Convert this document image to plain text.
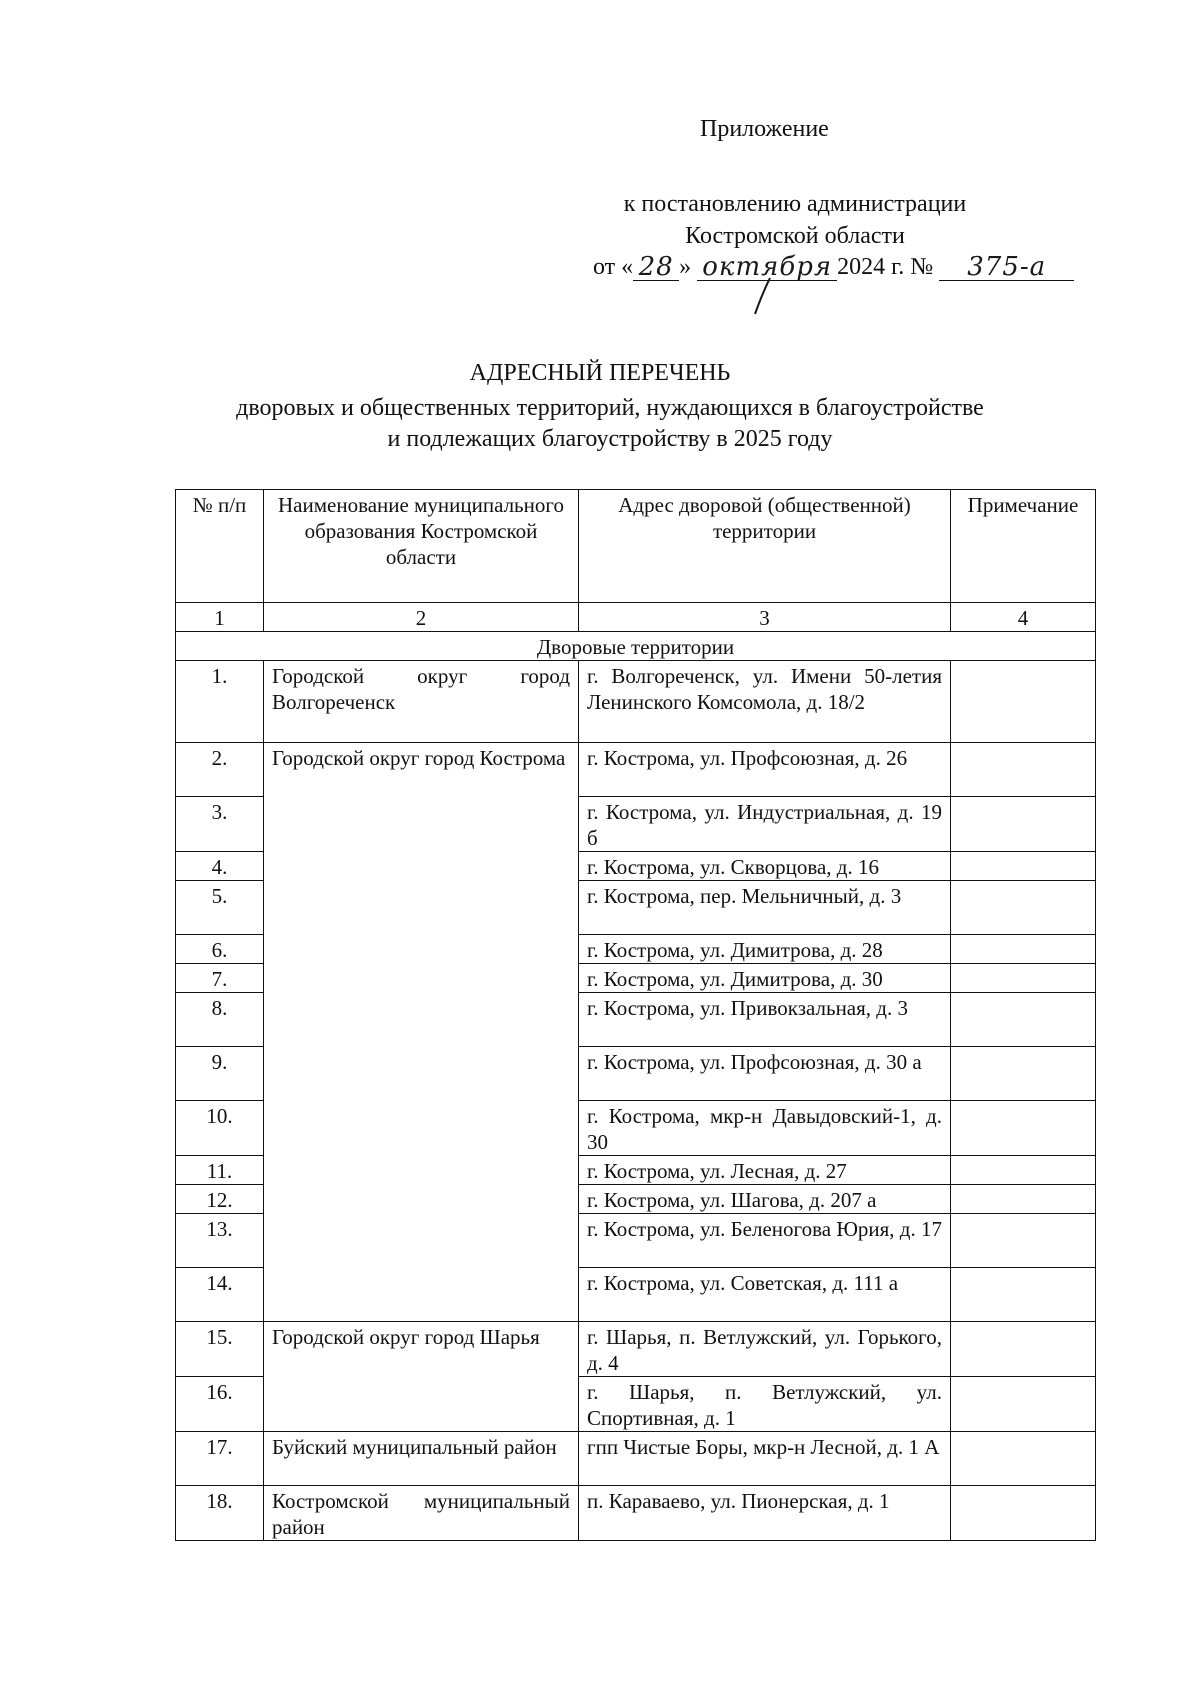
Приложение
к постановлению администрации
Костромской области
от « 28 » октября 2024 г. №	375-а
АДРЕСНЫЙ ПЕРЕЧЕНЬ
дворовых и общественных территорий, нуждающихся в благоустройстве
и подлежащих благоустройству в 2025 году
№ п/п	Наименование муниципального образования Костромской области	Адрес дворовой (общественной) территории	Примечание
1	2	3	4
Дворовые территории			
1.	Городской округ город Волгореченск	г. Волгореченск, ул. Имени 50-летия Ленинского Комсомола, д. 18/2	
2.	Городской округ город Кострома	г. Кострома, ул. Профсоюзная, д. 26	
3.		г. Кострома, ул. Индустриальная, д. 19 б	
4.		г. Кострома, ул. Скворцова, д. 16	
5.		г. Кострома, пер. Мельничный, д. 3	
6.		г. Кострома, ул. Димитрова, д. 28	
7.		г. Кострома, ул. Димитрова, д. 30	
8.		г. Кострома, ул. Привокзальная, д. 3	
9.		г. Кострома, ул. Профсоюзная, д. 30 а	
10.		г. Кострома, мкр-н Давыдовский-1, д. 30	
11.		г. Кострома, ул. Лесная, д. 27	
12.		г. Кострома, ул. Шагова, д. 207 а	
13.		г. Кострома, ул. Беленогова Юрия, д. 17	
14.		г. Кострома, ул. Советская, д. 111 а	
15.	Городской округ город Шарья	г. Шарья, п. Ветлужский, ул. Горького, д. 4	
16.		г. Шарья, п. Ветлужский, ул. Спортивная, д. 1	
17.	Буйский муниципальный район	гпп Чистые Боры, мкр-н Лесной, д. 1 А	
18.	Костромской муниципальный район	п. Караваево, ул. Пионерская, д. 1	
